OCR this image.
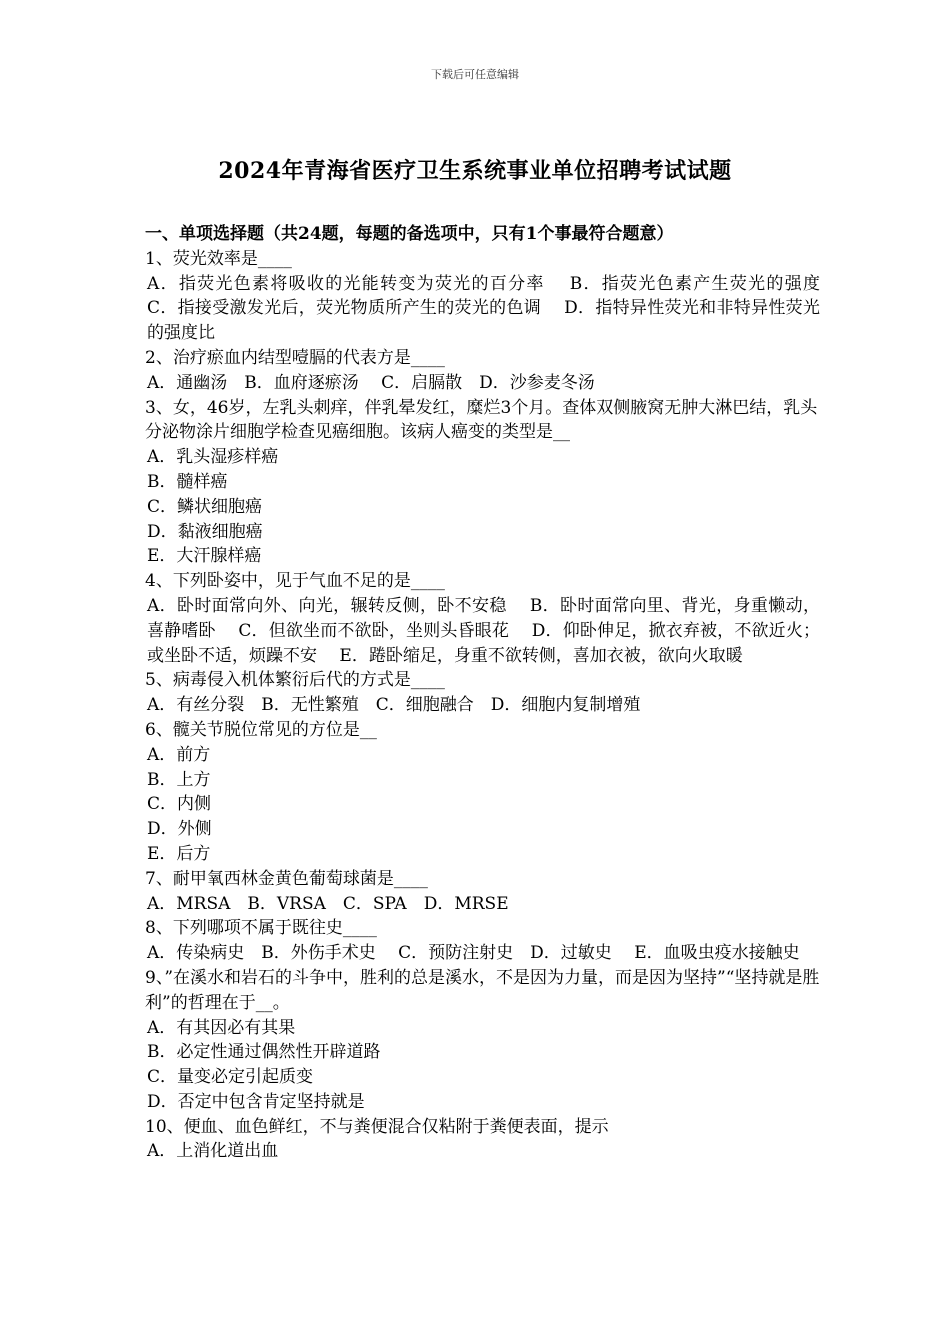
下载后可任意编辑
2024年青海省医疗卫生系统事业单位招聘考试试题

一、单项选择题（共24题，每题的备选项中，只有1个事最符合题意）

1、荧光效率是____

A．指荧光色素将吸收的光能转变为荧光的百分率　 B．指荧光色素产生荧光的强度　 C．指接受激发光后，荧光物质所产生的荧光的色调　 D．指特异性荧光和非特异性荧光的强度比

2、治疗瘀血内结型噎膈的代表方是____

A．通幽汤　B．血府逐瘀汤　 C．启膈散　D．沙参麦冬汤

3、女，46岁，左乳头刺痒，伴乳晕发红，糜烂3个月。查体双侧腋窝无肿大淋巴结，乳头分泌物涂片细胞学检查见癌细胞。该病人癌变的类型是__

A．乳头湿疹样癌

B．髓样癌

C．鳞状细胞癌

D．黏液细胞癌

E．大汗腺样癌

4、下列卧姿中，见于气血不足的是____

A．卧时面常向外、向光，辗转反侧，卧不安稳　 B．卧时面常向里、背光，身重懒动，喜静嗜卧　 C．但欲坐而不欲卧，坐则头昏眼花　 D．仰卧伸足，掀衣弃被，不欲近火；或坐卧不适，烦躁不安　 E．踡卧缩足，身重不欲转侧，喜加衣被，欲向火取暖

5、病毒侵入机体繁衍后代的方式是____

A．有丝分裂　B．无性繁殖　C．细胞融合　D．细胞内复制增殖

6、髋关节脱位常见的方位是__

A．前方

B．上方

C．内侧

D．外侧

E．后方

7、耐甲氧西林金黄色葡萄球菌是____

A．MRSA　B．VRSA　C．SPA　D．MRSE

8、下列哪项不属于既往史____

A．传染病史　B．外伤手术史　 C．预防注射史　D．过敏史　 E．血吸虫疫水接触史

9、”在溪水和岩石的斗争中，胜利的总是溪水，不是因为力量，而是因为坚持”“坚持就是胜利”的哲理在于__。

A．有其因必有其果

B．必定性通过偶然性开辟道路

C．量变必定引起质变

D．否定中包含肯定坚持就是

10、便血、血色鲜红，不与粪便混合仅粘附于粪便表面，提示

A．上消化道出血
